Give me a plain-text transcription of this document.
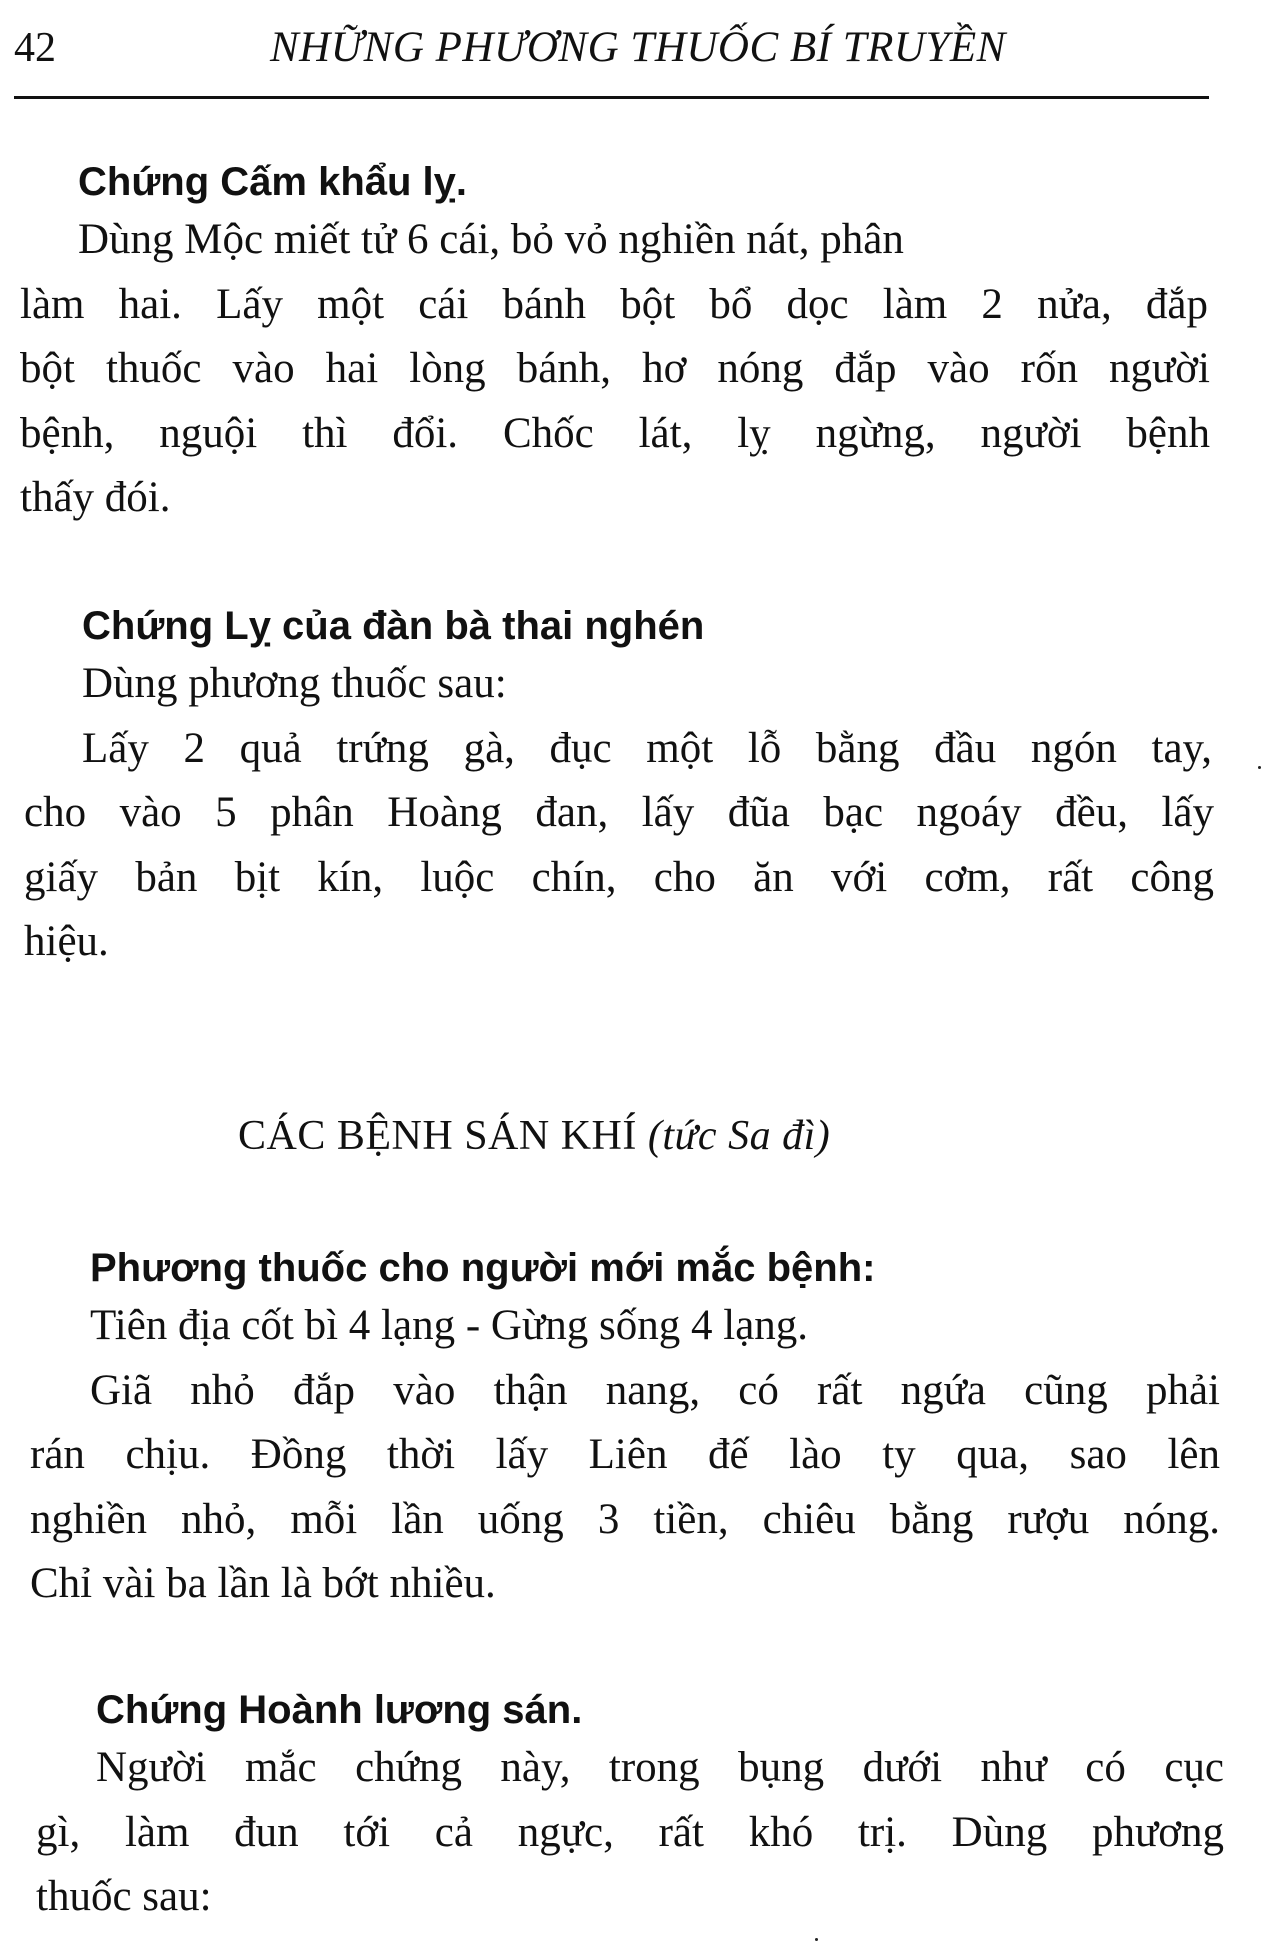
42	NHỮNG PHƯƠNG THUỐC BÍ TRUYỀN
Chứng Cấm khẩu lỵ.
Dùng Mộc miết tử 6 cái, bỏ vỏ nghiền nát, phân
làm hai. Lấy một cái bánh bột bổ dọc làm 2 nửa, đắp
bột thuốc vào hai lòng bánh, hơ nóng đắp vào rốn người
bệnh, nguội thì đổi. Chốc lát, lỵ ngừng, người bệnh
thấy đói.
Chứng Lỵ của đàn bà thai nghén
Dùng phương thuốc sau:
Lấy 2 quả trứng gà, đục một lỗ bằng đầu ngón tay,
cho vào 5 phân Hoàng đan, lấy đũa bạc ngoáy đều, lấy
giấy bản bịt kín, luộc chín, cho ăn với cơm, rất công
hiệu.
CÁC BỆNH SÁN KHÍ (tức Sa đì)
Phương thuốc cho người mới mắc bệnh:
Tiên địa cốt bì 4 lạng - Gừng sống 4 lạng.
Giã nhỏ đắp vào thận nang, có rất ngứa cũng phải
rán chịu. Đồng thời lấy Liên đế lào ty qua, sao lên
nghiền nhỏ, mỗi lần uống 3 tiền, chiêu bằng rượu nóng.
Chỉ vài ba lần là bớt nhiều.
Chứng Hoành lương sán.
Người mắc chứng này, trong bụng dưới như có cục
gì, làm đun tới cả ngực, rất khó trị. Dùng phương
thuốc sau:
